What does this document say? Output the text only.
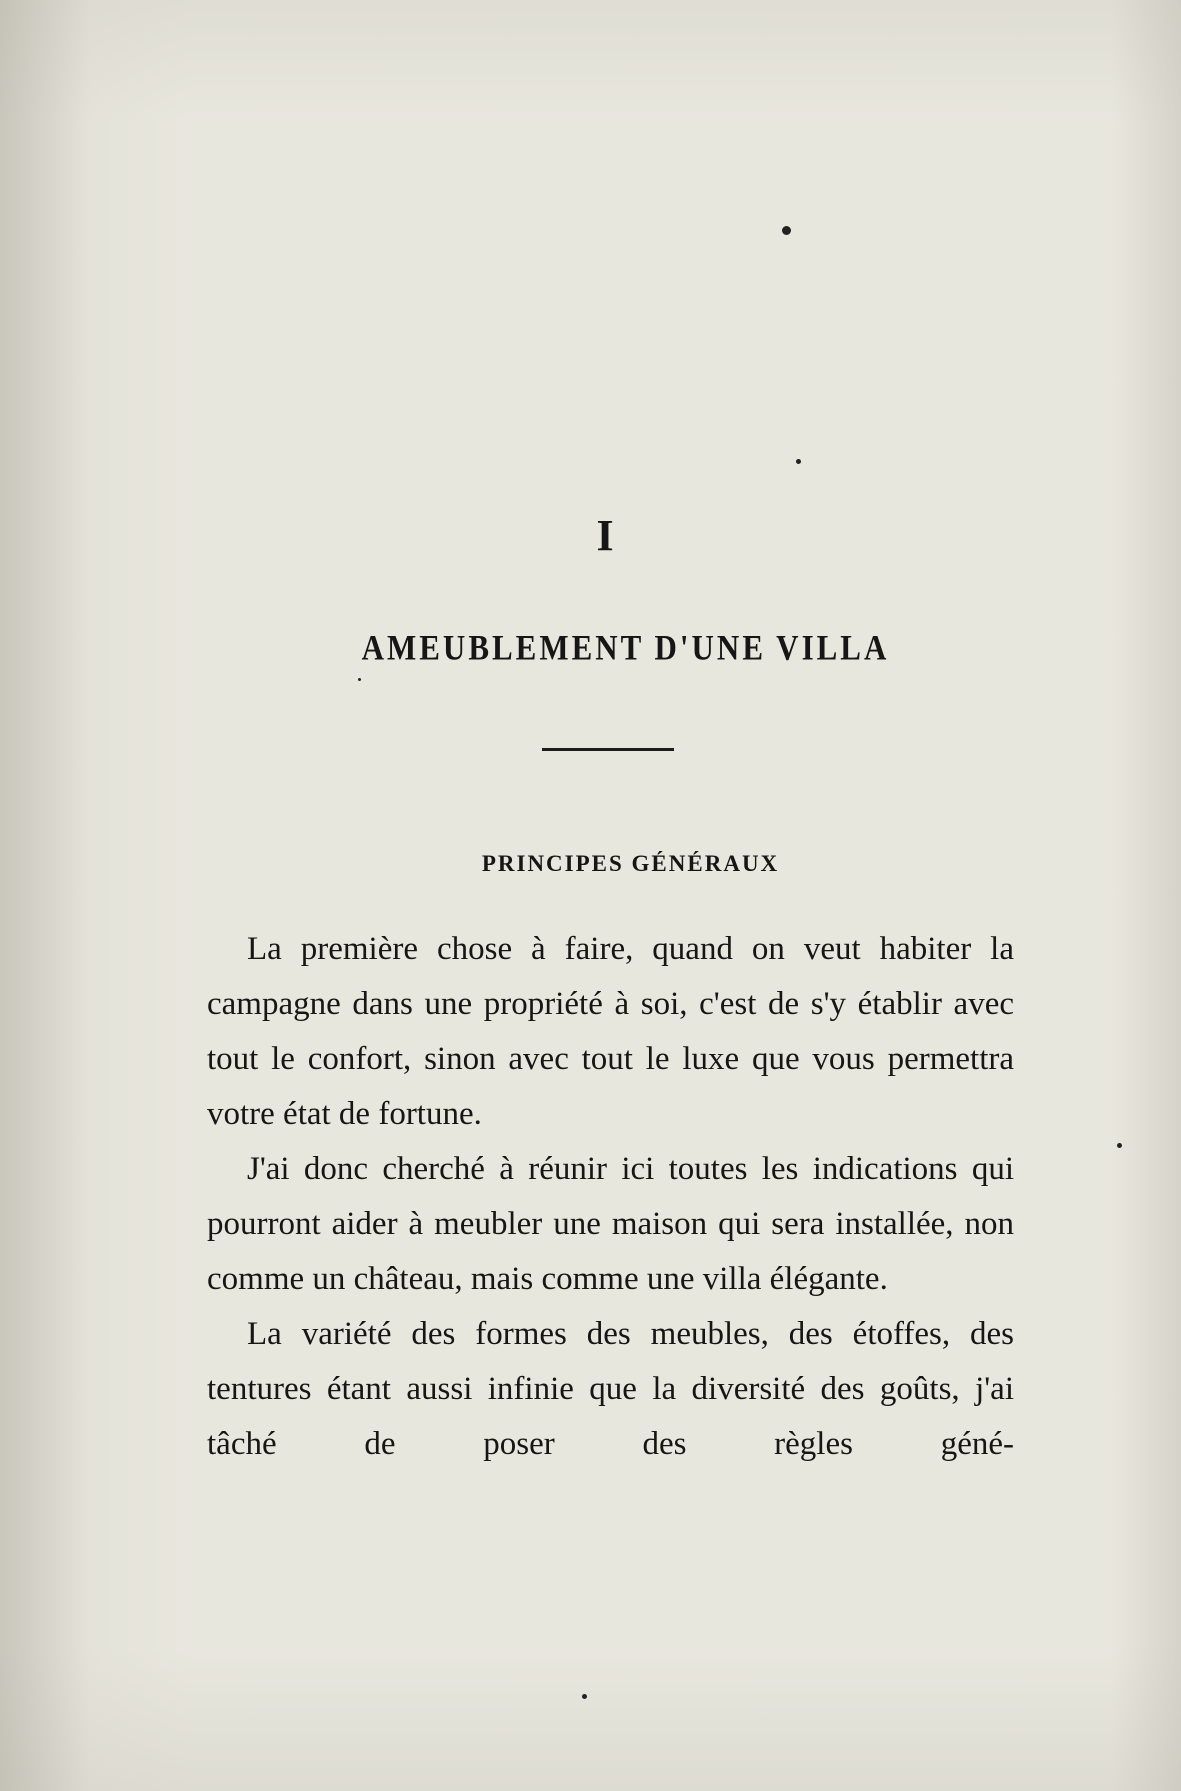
I
AMEUBLEMENT D'UNE VILLA
PRINCIPES GÉNÉRAUX

La première chose à faire, quand on veut habiter la campagne dans une propriété à soi, c'est de s'y établir avec tout le confort, sinon avec tout le luxe que vous permettra votre état de fortune.

J'ai donc cherché à réunir ici toutes les indications qui pourront aider à meubler une maison qui sera installée, non comme un château, mais comme une villa élégante.

La variété des formes des meubles, des étoffes, des tentures étant aussi infinie que la diversité des goûts, j'ai tâché de poser des règles géné-
